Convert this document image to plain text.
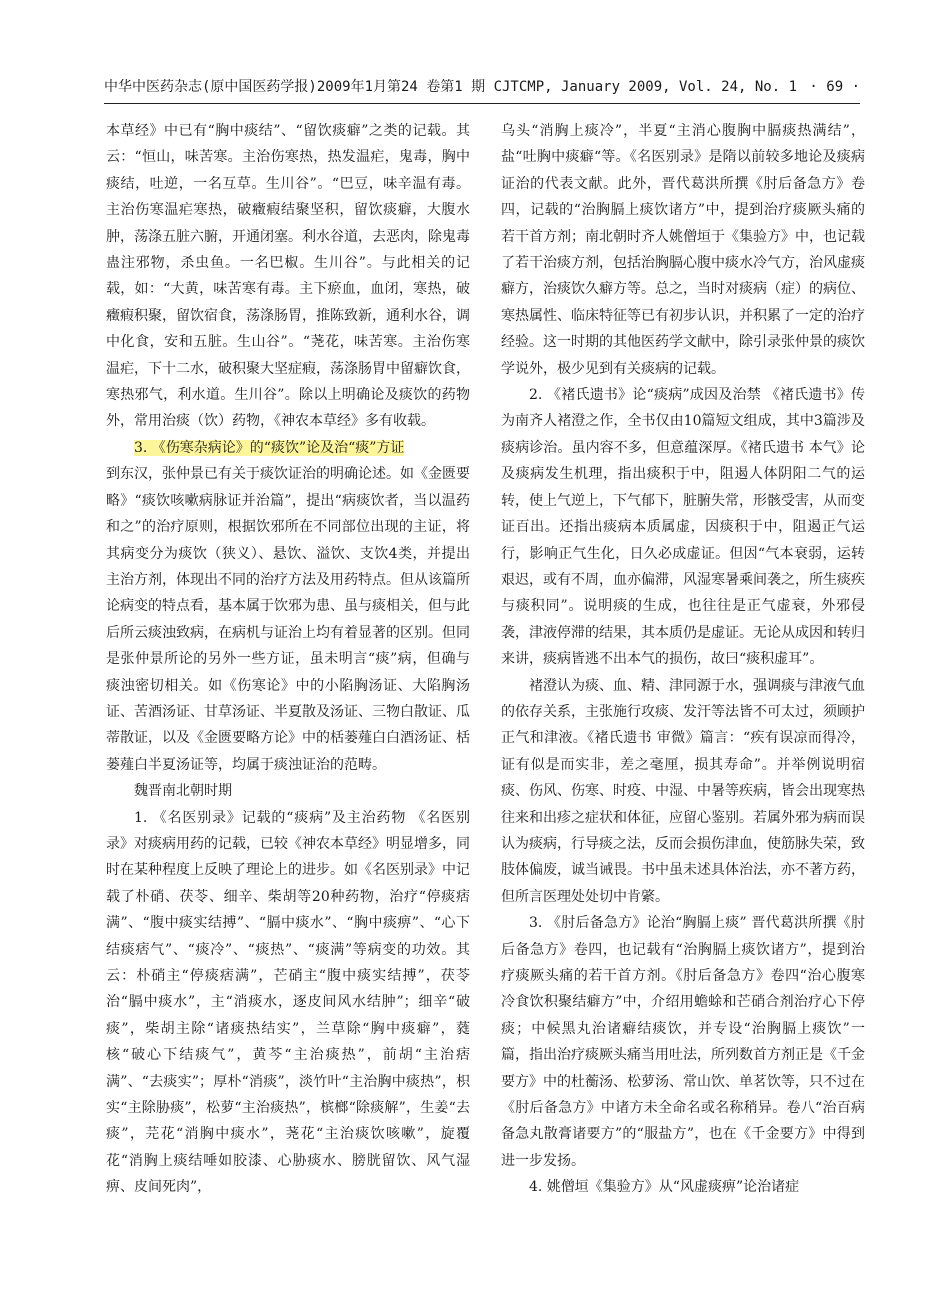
中华中医药杂志(原中国医药学报)2009年1月第24 卷第1 期 CJTCMP, January 2009, Vol. 24, No. 1 · 69 ·

本草经》中已有“胸中痰结”、“留饮痰癖”之类的记载。其云：“恒山，味苦寒。主治伤寒热，热发温疟，鬼毒，胸中痰结，吐逆，一名互草。生川谷”。“巴豆，味辛温有毒。主治伤寒温疟寒热，破癥瘕结聚坚积，留饮痰癖，大腹水肿，荡涤五脏六腑，开通闭塞。利水谷道，去恶肉，除鬼毒蛊注邪物，杀虫鱼。一名巴椒。生川谷”。与此相关的记载，如：“大黄，味苦寒有毒。主下瘀血，血闭，寒热，破癥瘕积聚，留饮宿食，荡涤肠胃，推陈致新，通利水谷，调中化食，安和五脏。生山谷”。“荛花，味苦寒。主治伤寒温疟，下十二水，破积聚大坚症瘕，荡涤肠胃中留癖饮食，寒热邪气，利水道。生川谷”。除以上明确论及痰饮的药物外，常用治痰（饮）药物，《神农本草经》多有收载。

3. 《伤寒杂病论》的“痰饮”论及治“痰”方证

到东汉，张仲景已有关于痰饮证治的明确论述。如《金匮要略》“痰饮咳嗽病脉证并治篇”，提出“病痰饮者，当以温药和之”的治疗原则，根据饮邪所在不同部位出现的主证，将其病变分为痰饮（狭义）、悬饮、溢饮、支饮4类，并提出主治方剂，体现出不同的治疗方法及用药特点。但从该篇所论病变的特点看，基本属于饮邪为患、虽与痰相关，但与此后所云痰浊致病，在病机与证治上均有着显著的区别。但同是张仲景所论的另外一些方证，虽未明言“痰”病，但确与痰浊密切相关。如《伤寒论》中的小陷胸汤证、大陷胸汤证、苦酒汤证、甘草汤证、半夏散及汤证、三物白散证、瓜蒂散证，以及《金匮要略方论》中的栝蒌薤白白酒汤证、栝蒌薤白半夏汤证等，均属于痰浊证治的范畴。

魏晋南北朝时期

1. 《名医别录》记载的“痰病”及主治药物 《名医别录》对痰病用药的记载，已较《神农本草经》明显增多，同时在某种程度上反映了理论上的进步。如《名医别录》中记载了朴硝、茯苓、细辛、柴胡等20种药物，治疗“停痰痞满”、“腹中痰实结搏”、“膈中痰水”、“胸中痰痹”、“心下结痰痞气”、“痰冷”、“痰热”、“痰满”等病变的功效。其云：朴硝主“停痰痞满”，芒硝主“腹中痰实结搏”，茯苓治“膈中痰水”，主“消痰水，逐皮间风水结肿”；细辛“破痰”，柴胡主除“诸痰热结实”，兰草除“胸中痰癖”，蕤核“破心下结痰气”，黄芩“主治痰热”，前胡“主治痞满”、“去痰实”；厚朴“消痰”，淡竹叶“主治胸中痰热”，枳实“主除胁痰”，松萝“主治痰热”，槟榔“除痰解”，生姜“去痰”，芫花“消胸中痰水”，荛花“主治痰饮咳嗽”，旋覆花“消胸上痰结唾如胶漆、心胁痰水、膀胱留饮、风气湿痹、皮间死肉”，

乌头“消胸上痰冷”，半夏“主消心腹胸中膈痰热满结”，盐“吐胸中痰癖“等。《名医别录》是隋以前较多地论及痰病证治的代表文献。此外，晋代葛洪所撰《肘后备急方》卷四，记载的“治胸膈上痰饮诸方”中，提到治疗痰厥头痛的若干首方剂；南北朝时齐人姚僧垣于《集验方》中，也记载了若干治痰方剂，包括治胸膈心腹中痰水冷气方，治风虚痰癖方，治痰饮久癖方等。总之，当时对痰病（症）的病位、寒热属性、临床特征等已有初步认识，并积累了一定的治疗经验。这一时期的其他医药学文献中，除引录张仲景的痰饮学说外，极少见到有关痰病的记载。

2. 《褚氏遗书》论“痰病”成因及治禁 《褚氏遗书》传为南齐人褚澄之作，全书仅由10篇短文组成，其中3篇涉及痰病诊治。虽内容不多，但意蕴深厚。《褚氏遗书 本气》论及痰病发生机理，指出痰积于中，阻遏人体阴阳二气的运转，使上气逆上，下气郁下，脏腑失常，形骸受害，从而变证百出。还指出痰病本质属虚，因痰积于中，阻遏正气运行，影响正气生化，日久必成虚证。但因“气本衰弱，运转艰迟，或有不周，血亦偏滞，风湿寒暑乘间袭之，所生痰疾与痰积同”。说明痰的生成，也往往是正气虚衰，外邪侵袭，津液停滞的结果，其本质仍是虚证。无论从成因和转归来讲，痰病皆逃不出本气的损伤，故曰“痰积虚耳”。

褚澄认为痰、血、精、津同源于水，强调痰与津液气血的依存关系，主张施行攻痰、发汗等法皆不可太过，须顾护正气和津液。《褚氏遗书 审微》篇言：“疾有误凉而得冷，证有似是而实非，差之毫厘，损其寿命”。并举例说明宿痰、伤风、伤寒、时疫、中湿、中暑等疾病，皆会出现寒热往来和出疹之症状和体征，应留心鉴别。若属外邪为病而误认为痰病，行导痰之法，反而会损伤津血，使筋脉失荣，致肢体偏废，诚当诫畏。书中虽未述具体治法，亦不著方药，但所言医理处处切中肯綮。

3. 《肘后备急方》论治“胸膈上痰” 晋代葛洪所撰《肘后备急方》卷四，也记载有“治胸膈上痰饮诸方”，提到治疗痰厥头痛的若干首方剂。《肘后备急方》卷四“治心腹寒冷食饮积聚结癖方”中，介绍用蟾蜍和芒硝合剂治疗心下停痰；中候黑丸治诸癖结痰饮，并专设“治胸膈上痰饮”一篇，指出治疗痰厥头痛当用吐法，所列数首方剂正是《千金要方》中的杜蘅汤、松萝汤、常山饮、单茗饮等，只不过在《肘后备急方》中诸方未全命名或名称稍异。卷八“治百病备急丸散膏诸要方”的“服盐方”，也在《千金要方》中得到进一步发扬。

4. 姚僧垣《集验方》从“风虚痰痹”论治诸症
